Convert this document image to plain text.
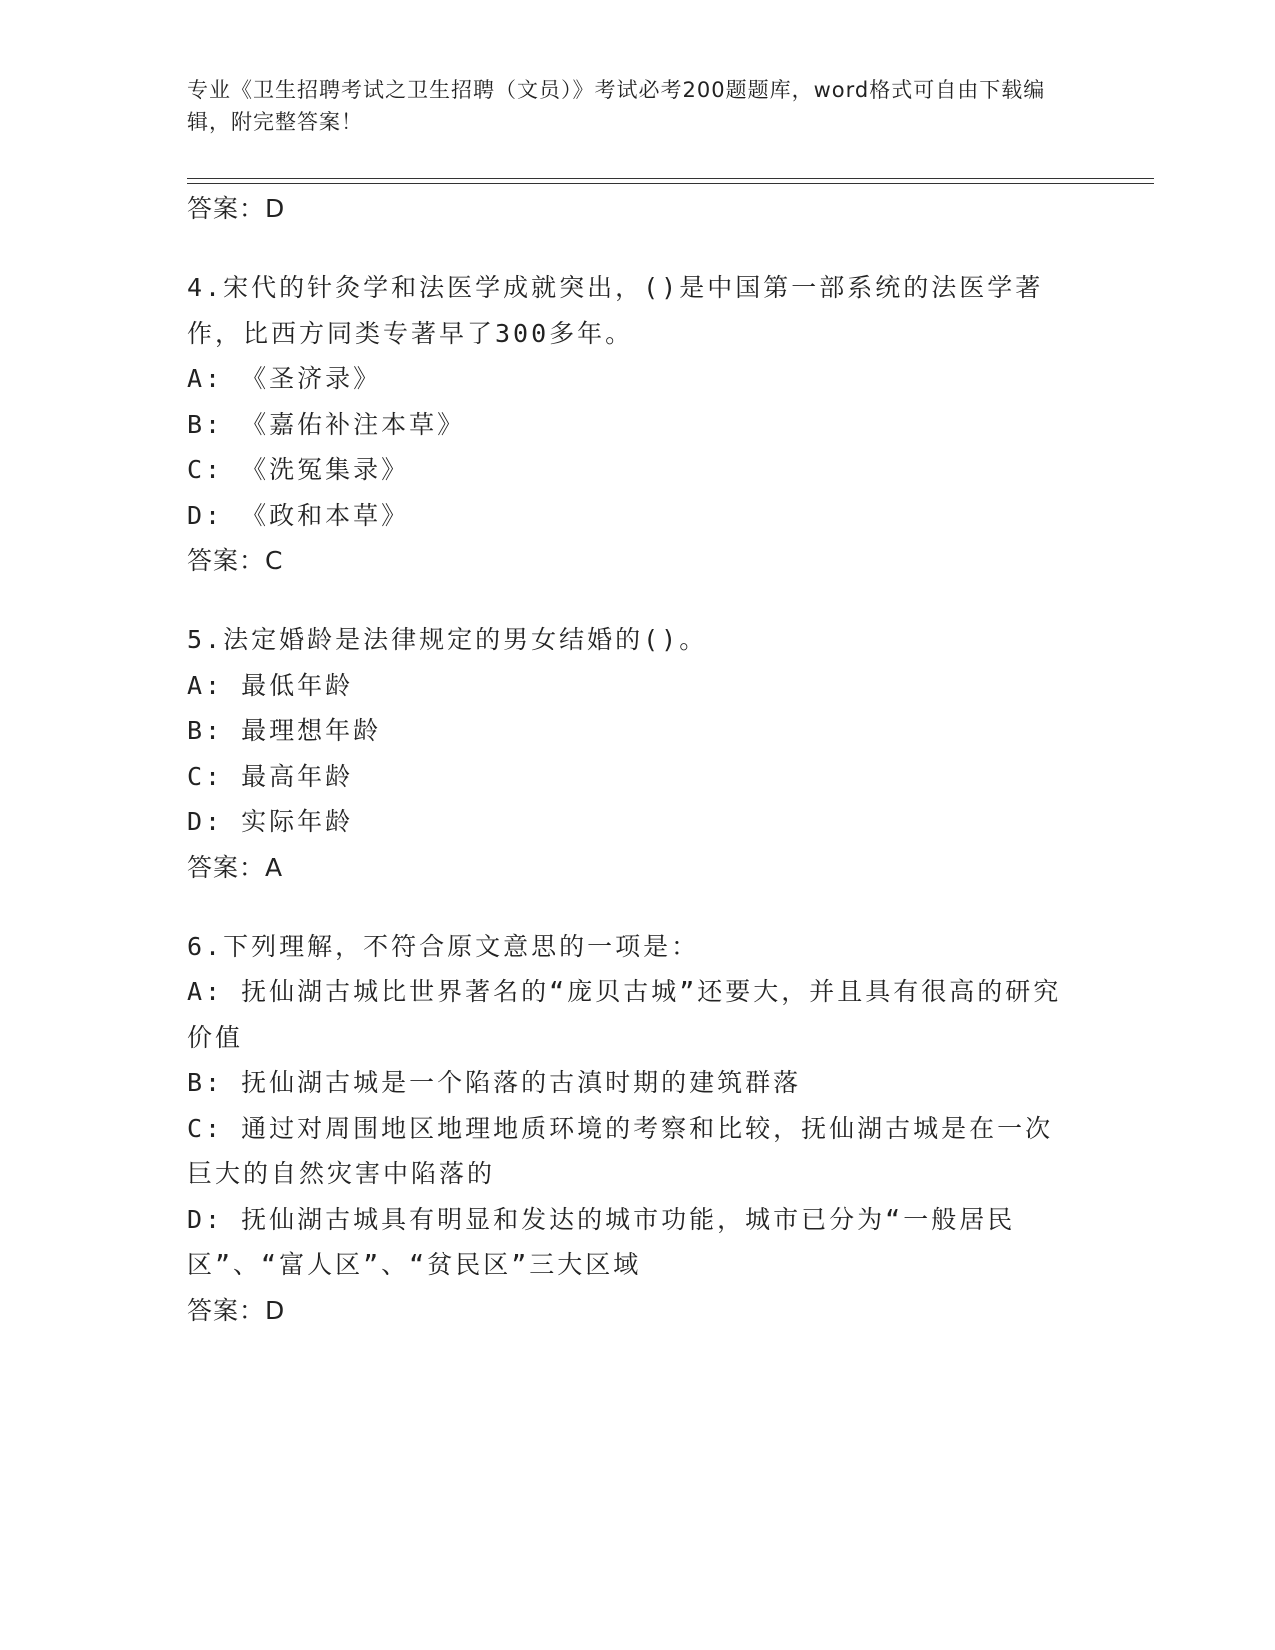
专业《卫生招聘考试之卫生招聘（文员）》考试必考200题题库，word格式可自由下载编辑，附完整答案！
答案：D
4.宋代的针灸学和法医学成就突出，()是中国第一部系统的法医学著作，比西方同类专著早了300多年。
A: 《圣济录》
B: 《嘉佑补注本草》
C: 《洗冤集录》
D: 《政和本草》
答案：C
5.法定婚龄是法律规定的男女结婚的()。
A: 最低年龄
B: 最理想年龄
C: 最高年龄
D: 实际年龄
答案：A
6.下列理解，不符合原文意思的一项是：
A: 抚仙湖古城比世界著名的“庞贝古城”还要大，并且具有很高的研究价值
B: 抚仙湖古城是一个陷落的古滇时期的建筑群落
C: 通过对周围地区地理地质环境的考察和比较，抚仙湖古城是在一次巨大的自然灾害中陷落的
D: 抚仙湖古城具有明显和发达的城市功能，城市已分为“一般居民区”、“富人区”、“贫民区”三大区域
答案：D
